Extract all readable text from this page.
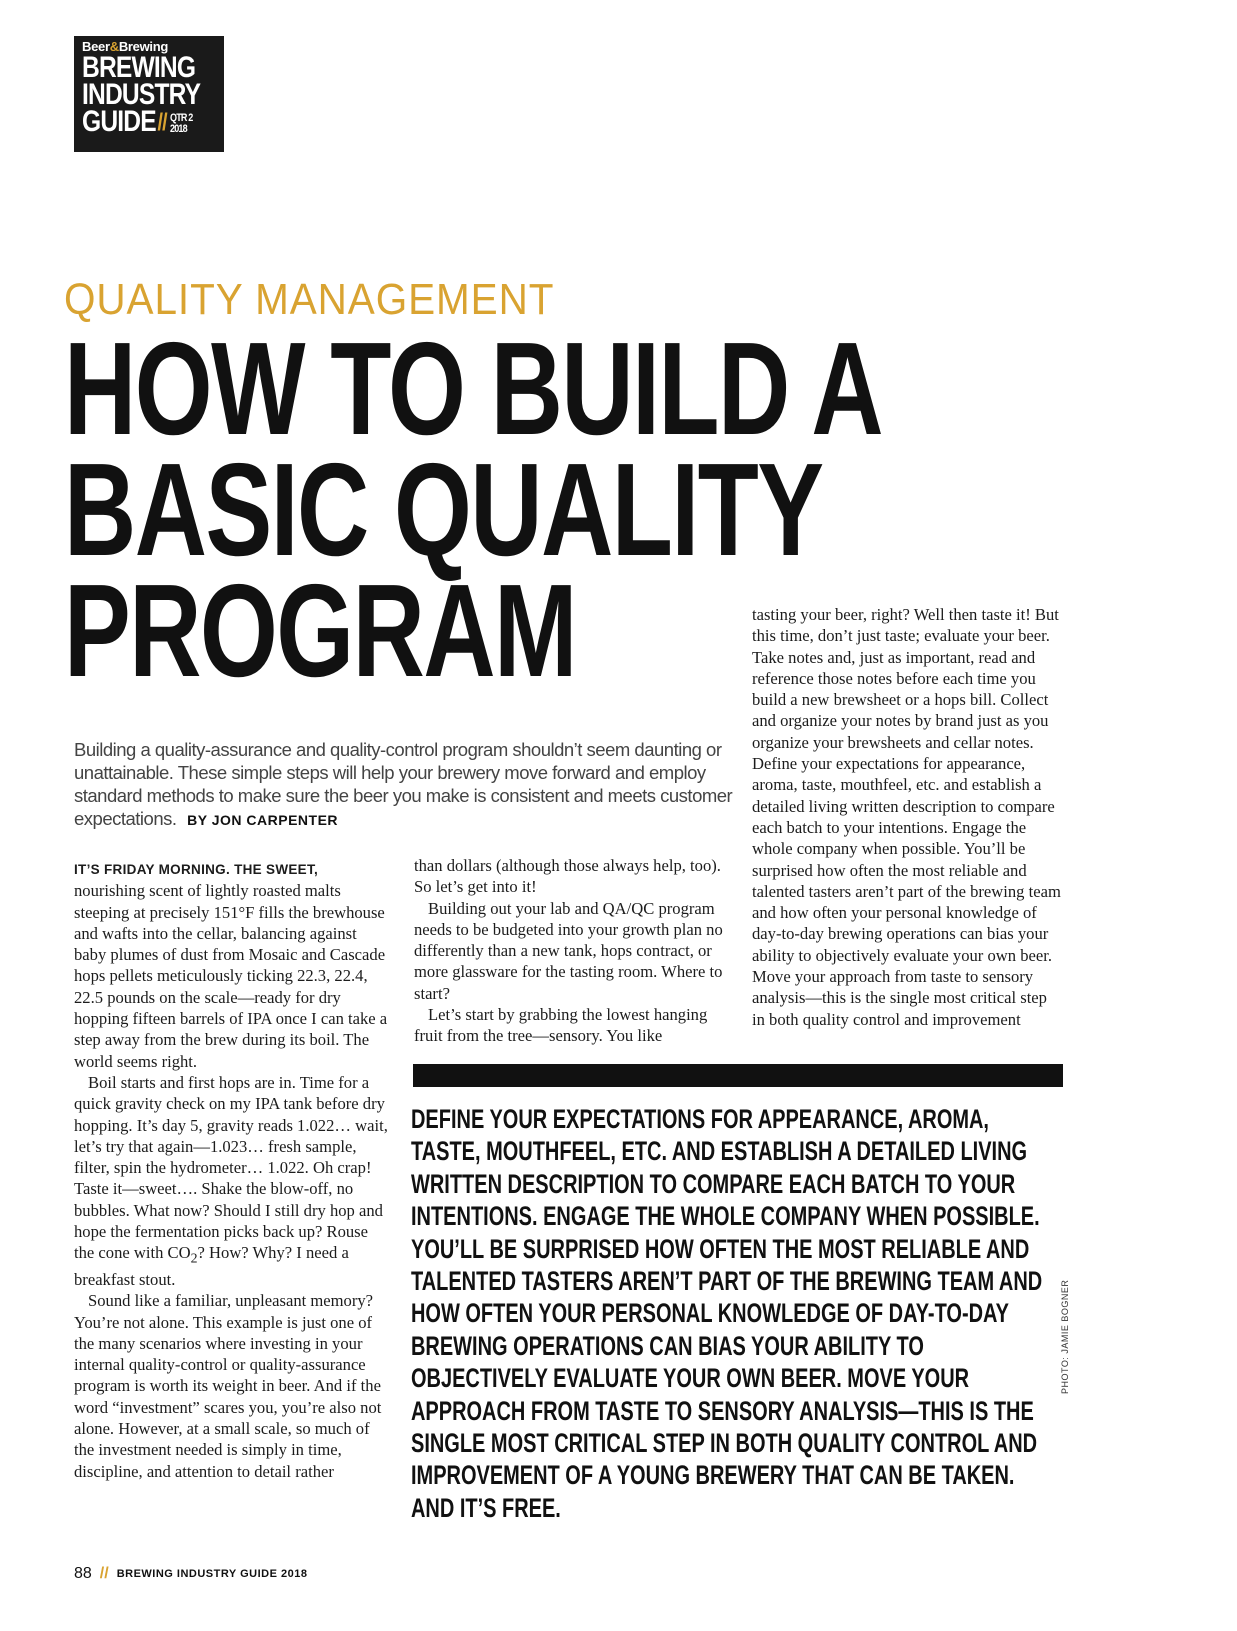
Beer&Brewing
BREWING
INDUSTRY
GUIDE // QTR 2
2018
QUALITY MANAGEMENT
HOW TO BUILD A
BASIC QUALITY
PROGRAM
Building a quality-assurance and quality-control program shouldn’t seem daunting or unattainable. These simple steps will help your brewery move forward and employ standard methods to make sure the beer you make is consistent and meets customer expectations. BY JON CARPENTER

IT’S FRIDAY MORNING. THE SWEET, nourishing scent of lightly roasted malts steeping at precisely 151°F fills the brewhouse and wafts into the cellar, balancing against baby plumes of dust from Mosaic and Cascade hops pellets meticulously ticking 22.3, 22.4, 22.5 pounds on the scale—ready for dry hopping fifteen barrels of IPA once I can take a step away from the brew during its boil. The world seems right.

Boil starts and first hops are in. Time for a quick gravity check on my IPA tank before dry hopping. It’s day 5, gravity reads 1.022… wait, let’s try that again—1.023… fresh sample, filter, spin the hydrometer… 1.022. Oh crap! Taste it—sweet…. Shake the blow-off, no bubbles. What now? Should I still dry hop and hope the fermentation picks back up? Rouse the cone with $CO_2$? How? Why? I need a breakfast stout.

Sound like a familiar, unpleasant memory? You’re not alone. This example is just one of the many scenarios where investing in your internal quality-control or quality-assurance program is worth its weight in beer. And if the word “investment” scares you, you’re also not alone. However, at a small scale, so much of the investment needed is simply in time, discipline, and attention to detail rather

than dollars (although those always help, too). So let’s get into it!

Building out your lab and QA/QC program needs to be budgeted into your growth plan no differently than a new tank, hops contract, or more glassware for the tasting room. Where to start?

Let’s start by grabbing the lowest hanging fruit from the tree—sensory. You like

tasting your beer, right? Well then taste it! But this time, don’t just taste; evaluate your beer. Take notes and, just as important, read and reference those notes before each time you build a new brewsheet or a hops bill. Collect and organize your notes by brand just as you organize your brewsheets and cellar notes. Define your expectations for appearance, aroma, taste, mouthfeel, etc. and establish a detailed living written description to compare each batch to your intentions. Engage the whole company when possible. You’ll be surprised how often the most reliable and talented tasters aren’t part of the brewing team and how often your personal knowledge of day-to-day brewing operations can bias your ability to objectively evaluate your own beer. Move your approach from taste to sensory analysis—this is the single most critical step in both quality control and improvement

DEFINE YOUR EXPECTATIONS FOR APPEARANCE, AROMA, TASTE, MOUTHFEEL, ETC. AND ESTABLISH A DETAILED LIVING WRITTEN DESCRIPTION TO COMPARE EACH BATCH TO YOUR INTENTIONS. ENGAGE THE WHOLE COMPANY WHEN POSSIBLE. YOU’LL BE SURPRISED HOW OFTEN THE MOST RELIABLE AND TALENTED TASTERS AREN’T PART OF THE BREWING TEAM AND HOW OFTEN YOUR PERSONAL KNOWLEDGE OF DAY-TO-DAY BREWING OPERATIONS CAN BIAS YOUR ABILITY TO OBJECTIVELY EVALUATE YOUR OWN BEER. MOVE YOUR APPROACH FROM TASTE TO SENSORY ANALYSIS—THIS IS THE SINGLE MOST CRITICAL STEP IN BOTH QUALITY CONTROL AND IMPROVEMENT OF A YOUNG BREWERY THAT CAN BE TAKEN. AND IT’S FREE.
PHOTO: JAMIE BOGNER
88 // BREWING INDUSTRY GUIDE 2018
